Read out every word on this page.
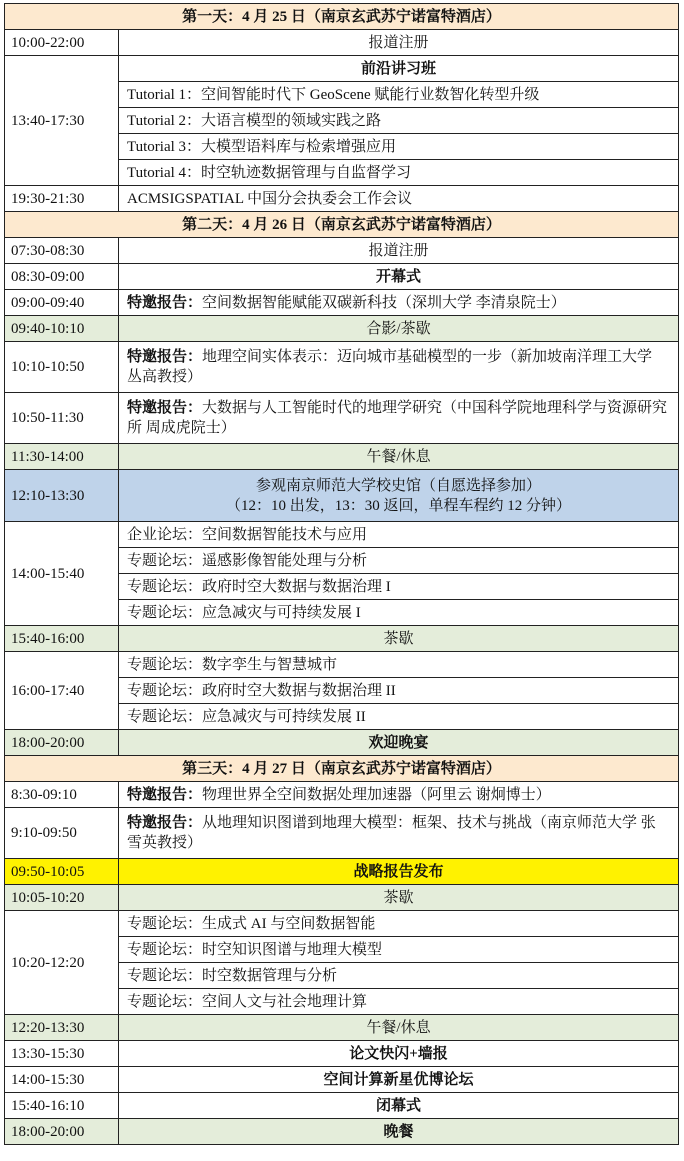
第一天：4 月 25 日（南京玄武苏宁诺富特酒店）	
10:00-22:00	报道注册
13:40-17:30	前沿讲习班
	Tutorial 1：空间智能时代下 GeoScene 赋能行业数智化转型升级
	Tutorial 2：大语言模型的领域实践之路
	Tutorial 3：大模型语料库与检索增强应用
	Tutorial 4：时空轨迹数据管理与自监督学习
19:30-21:30	ACMSIGSPATIAL 中国分会执委会工作会议
第二天：4 月 26 日（南京玄武苏宁诺富特酒店）	
07:30-08:30	报道注册
08:30-09:00	开幕式
09:00-09:40	特邀报告：空间数据智能赋能双碳新科技（深圳大学 李清泉院士）
09:40-10:10	合影/茶歇
10:10-10:50	特邀报告：地理空间实体表示：迈向城市基础模型的一步（新加坡南洋理工大学 丛高教授）
10:50-11:30	特邀报告：大数据与人工智能时代的地理学研究（中国科学院地理科学与资源研究所 周成虎院士）
11:30-14:00	午餐/休息
12:10-13:30	参观南京师范大学校史馆（自愿选择参加）
（12：10 出发，13：30 返回，单程车程约 12 分钟）

14:00-15:40	企业论坛：空间数据智能技术与应用
	专题论坛：遥感影像智能处理与分析
	专题论坛：政府时空大数据与数据治理 I
	专题论坛：应急减灾与可持续发展 I
15:40-16:00	茶歇
16:00-17:40	专题论坛：数字孪生与智慧城市
	专题论坛：政府时空大数据与数据治理 II
	专题论坛：应急减灾与可持续发展 II
18:00-20:00	欢迎晚宴
第三天：4 月 27 日（南京玄武苏宁诺富特酒店）	
8:30-09:10	特邀报告：物理世界全空间数据处理加速器（阿里云 谢炯博士）
9:10-09:50	特邀报告：从地理知识图谱到地理大模型：框架、技术与挑战（南京师范大学 张雪英教授）
09:50-10:05	战略报告发布
10:05-10:20	茶歇
10:20-12:20	专题论坛：生成式 AI 与空间数据智能
	专题论坛：时空知识图谱与地理大模型
	专题论坛：时空数据管理与分析
	专题论坛：空间人文与社会地理计算
12:20-13:30	午餐/休息
13:30-15:30	论文快闪+墙报
14:00-15:30	空间计算新星优博论坛
15:40-16:10	闭幕式
18:00-20:00	晚餐
